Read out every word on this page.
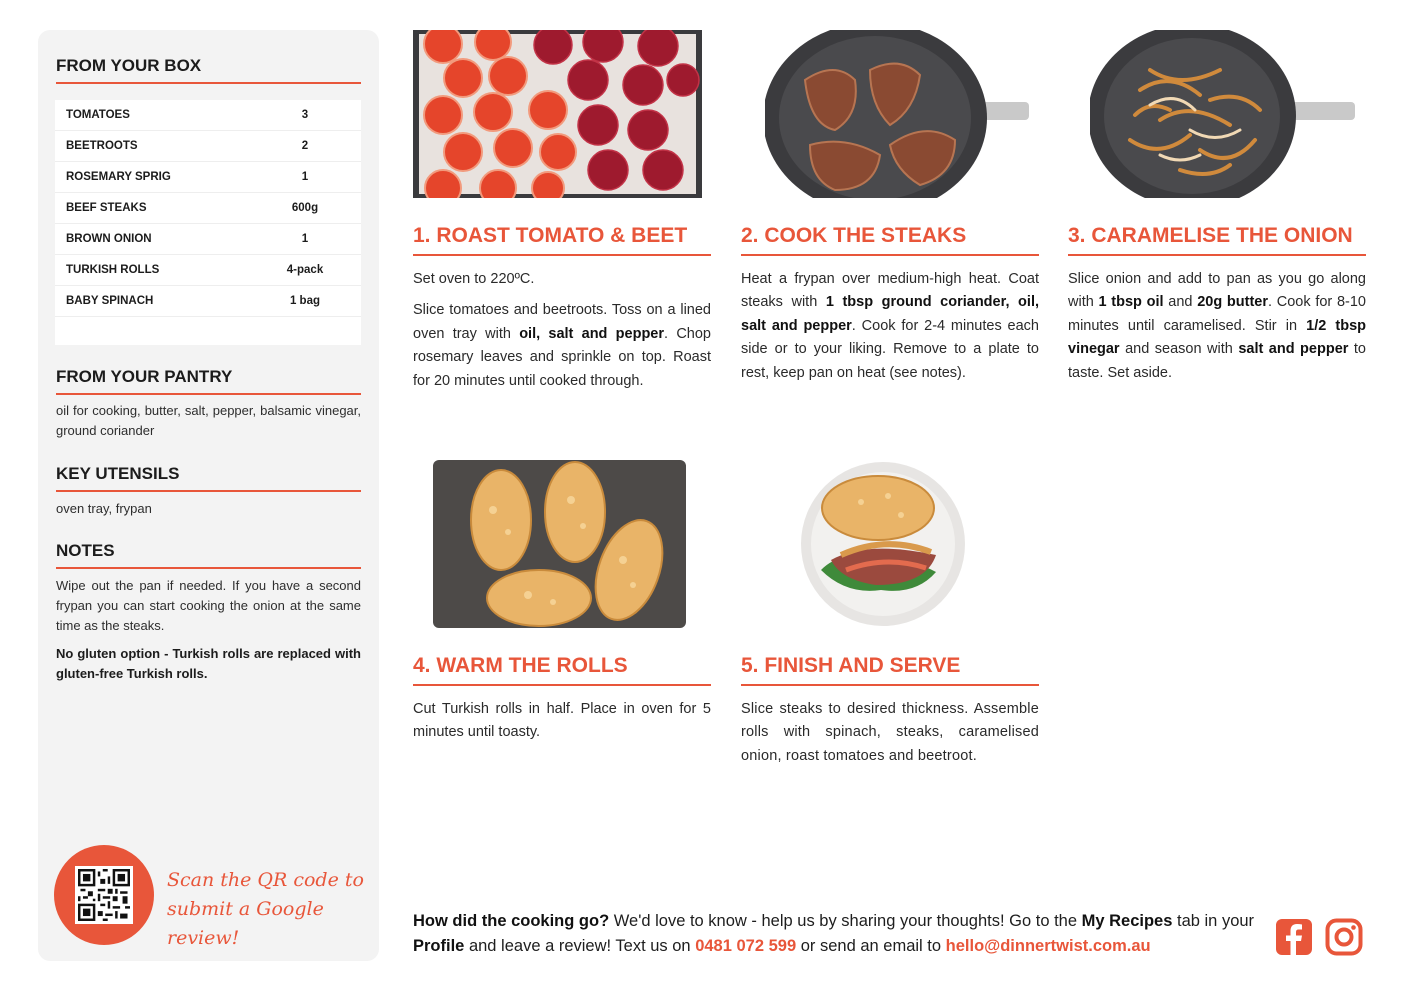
FROM YOUR BOX
TOMATOES	3
BEETROOTS	2
ROSEMARY SPRIG	1
BEEF STEAKS	600g
BROWN ONION	1
TURKISH ROLLS	4-pack
BABY SPINACH	1 bag
FROM YOUR PANTRY
oil for cooking, butter, salt, pepper, balsamic vinegar, ground coriander
KEY UTENSILS
oven tray, frypan
NOTES
Wipe out the pan if needed. If you have a second frypan you can start cooking the onion at the same time as the steaks.
No gluten option - Turkish rolls are replaced with gluten-free Turkish rolls.
Scan the QR code to
submit a Google review!
1. ROAST TOMATO & BEET

Set oven to 220ºC.

Slice tomatoes and beetroots. Toss on a lined oven tray with oil, salt and pepper. Chop rosemary leaves and sprinkle on top. Roast for 20 minutes until cooked through.

2. COOK THE STEAKS

Heat a frypan over medium-high heat. Coat steaks with 1 tbsp ground coriander, oil, salt and pepper. Cook for 2-4 minutes each side or to your liking. Remove to a plate to rest, keep pan on heat (see notes).

3. CARAMELISE THE ONION

Slice onion and add to pan as you go along with 1 tbsp oil and 20g butter. Cook for 8-10 minutes until caramelised. Stir in 1/2 tbsp vinegar and season with salt and pepper to taste. Set aside.

4. WARM THE ROLLS

Cut Turkish rolls in half. Place in oven for 5 minutes until toasty.

5. FINISH AND SERVE

Slice steaks to desired thickness. Assemble rolls with spinach, steaks, caramelised onion, roast tomatoes and beetroot.

How did the cooking go? We'd love to know - help us by sharing your thoughts! Go to the My Recipes tab in your Profile and leave a review! Text us on 0481 072 599 or send an email to hello@dinnertwist.com.au
